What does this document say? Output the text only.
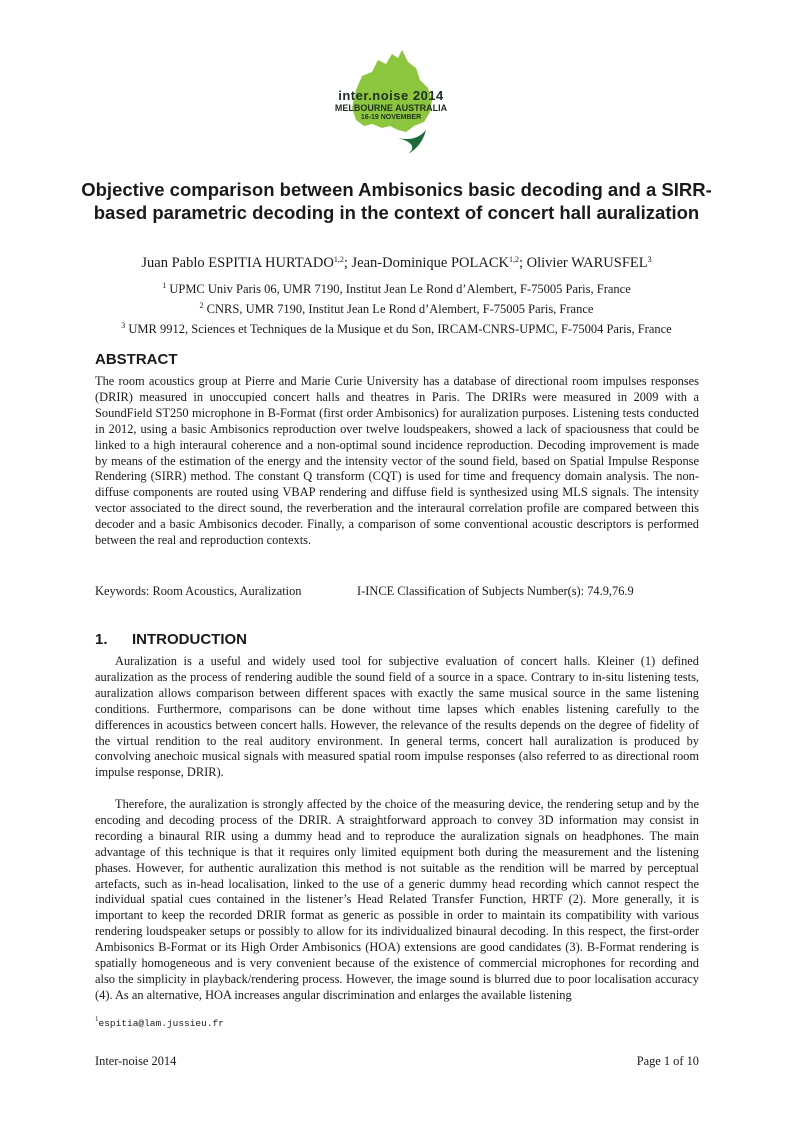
inter.noise 2014
MELBOURNE AUSTRALIA
16-19 NOVEMBER
Objective comparison between Ambisonics basic decoding and a SIRR-based parametric decoding in the context of concert hall auralization
Juan Pablo ESPITIA HURTADO$^{1,2}$; Jean-Dominique POLACK$^{1,2}$; Olivier WARUSFEL$^3$
$^1$ UPMC Univ Paris 06, UMR 7190, Institut Jean Le Rond d’Alembert, F-75005 Paris, France
$^2$ CNRS, UMR 7190, Institut Jean Le Rond d’Alembert, F-75005 Paris, France
$^3$ UMR 9912, Sciences et Techniques de la Musique et du Son, IRCAM-CNRS-UPMC, F-75004 Paris, France
ABSTRACT

The room acoustics group at Pierre and Marie Curie University has a database of directional room impulses responses (DRIR) measured in unoccupied concert halls and theatres in Paris. The DRIRs were measured in 2009 with a SoundField ST250 microphone in B-Format (first order Ambisonics) for auralization purposes. Listening tests conducted in 2012, using a basic Ambisonics reproduction over twelve loudspeakers, showed a lack of spaciousness that could be linked to a high interaural coherence and a non-optimal sound incidence reproduction. Decoding improvement is made by means of the estimation of the energy and the intensity vector of the sound field, based on Spatial Impulse Response Rendering (SIRR) method. The constant Q transform (CQT) is used for time and frequency domain analysis. The non-diffuse components are routed using VBAP rendering and diffuse field is synthesized using MLS signals. The intensity vector associated to the direct sound, the reverberation and the interaural correlation profile are compared between this decoder and a basic Ambisonics decoder. Finally, a comparison of some conventional acoustic descriptors is performed between the real and reproduction contexts.

Keywords: Room Acoustics, Auralization	I-INCE Classification of Subjects Number(s): 74.9,76.9
1. INTRODUCTION

Auralization is a useful and widely used tool for subjective evaluation of concert halls. Kleiner (1) defined auralization as the process of rendering audible the sound field of a source in a space. Contrary to in-situ listening tests, auralization allows comparison between different spaces with exactly the same musical source in the same listening conditions. Furthermore, comparisons can be done without time lapses which enables listening carefully to the differences in acoustics between concert halls. However, the relevance of the results depends on the degree of fidelity of the virtual rendition to the real auditory environment. In general terms, concert hall auralization is produced by convolving anechoic musical signals with measured spatial room impulse responses (also referred to as directional room impulse response, DRIR).

Therefore, the auralization is strongly affected by the choice of the measuring device, the rendering setup and by the encoding and decoding process of the DRIR. A straightforward approach to convey 3D information may consist in recording a binaural RIR using a dummy head and to reproduce the auralization signals on headphones. The main advantage of this technique is that it requires only limited equipment both during the measurement and the listening phases. However, for authentic auralization this method is not suitable as the rendition will be marred by perceptual artefacts, such as in-head localisation, linked to the use of a generic dummy head recording which cannot respect the individual spatial cues contained in the listener’s Head Related Transfer Function, HRTF (2). More generally, it is important to keep the recorded DRIR format as generic as possible in order to maintain its compatibility with various rendering loudspeaker setups or possibly to allow for its individualized binaural decoding. In this respect, the first-order Ambisonics B-Format or its High Order Ambisonics (HOA) extensions are good candidates (3). B-Format rendering is spatially homogeneous and is very convenient because of the existence of commercial microphones for recording and also the simplicity in playback/rendering process. However, the image sound is blurred due to poor localisation accuracy (4). As an alternative, HOA increases angular discrimination and enlarges the available listening

$^1$espitia@lam.jussieu.fr
Inter-noise 2014	Page 1 of 10
